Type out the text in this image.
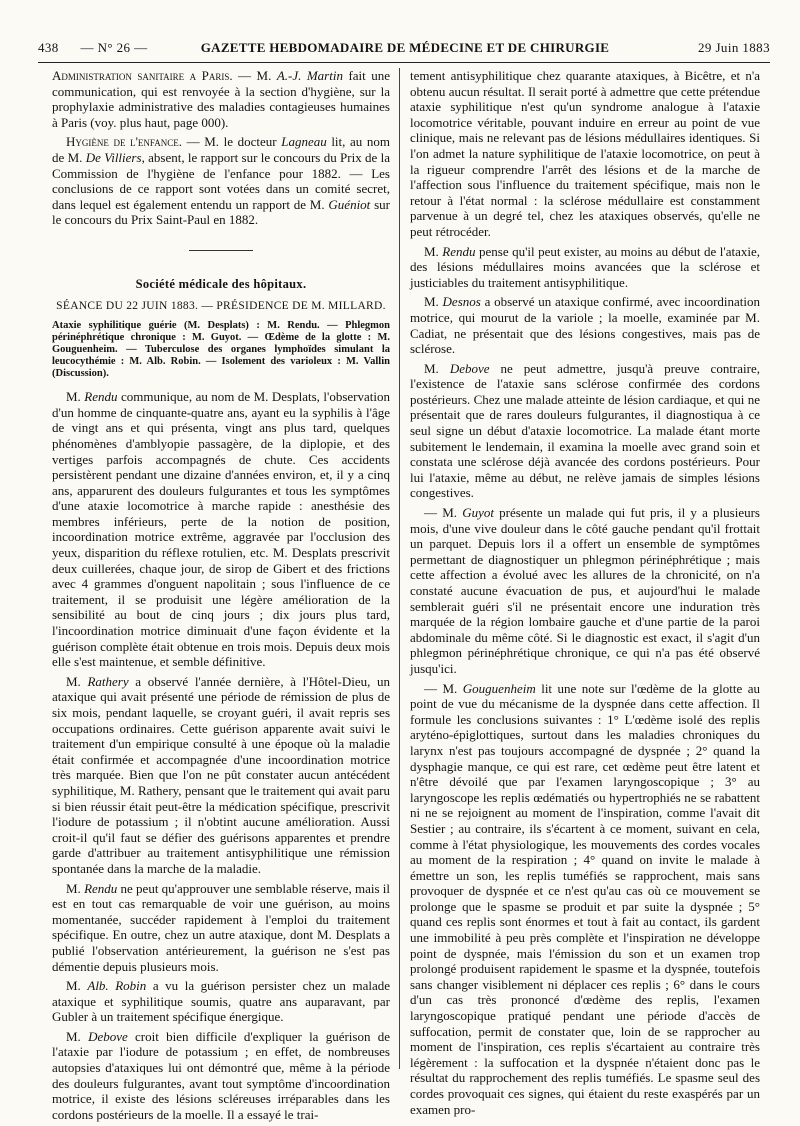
438	— N° 26 —	GAZETTE HEBDOMADAIRE DE MÉDECINE ET DE CHIRURGIE	29 Juin 1883

Administration sanitaire a Paris. — M. A.-J. Martin fait une communication, qui est renvoyée à la section d'hygiène, sur la prophylaxie administrative des maladies contagieuses humaines à Paris (voy. plus haut, page 000).

Hygiène de l'enfance. — M. le docteur Lagneau lit, au nom de M. De Villiers, absent, le rapport sur le concours du Prix de la Commission de l'hygiène de l'enfance pour 1882. — Les conclusions de ce rapport sont votées dans un comité secret, dans lequel est également entendu un rapport de M. Guéniot sur le concours du Prix Saint-Paul en 1882.

Société médicale des hôpitaux.
SÉANCE DU 22 JUIN 1883. — PRÉSIDENCE DE M. MILLARD.

Ataxie syphilitique guérie (M. Desplats) : M. Rendu. — Phlegmon périnéphrétique chronique : M. Guyot. — Œdème de la glotte : M. Gouguenheim. — Tuberculose des organes lymphoïdes simulant la leucocythémie : M. Alb. Robin. — Isolement des varioleux : M. Vallin (Discussion).

M. Rendu communique, au nom de M. Desplats, l'observation d'un homme de cinquante-quatre ans, ayant eu la syphilis à l'âge de vingt ans et qui présenta, vingt ans plus tard, quelques phénomènes d'amblyopie passagère, de la diplopie, et des vertiges parfois accompagnés de chute. Ces accidents persistèrent pendant une dizaine d'années environ, et, il y a cinq ans, apparurent des douleurs fulgurantes et tous les symptômes d'une ataxie locomotrice à marche rapide : anesthésie des membres inférieurs, perte de la notion de position, incoordination motrice extrême, aggravée par l'occlusion des yeux, disparition du réflexe rotulien, etc. M. Desplats prescrivit deux cuillerées, chaque jour, de sirop de Gibert et des frictions avec 4 grammes d'onguent napolitain ; sous l'influence de ce traitement, il se produisit une légère amélioration de la sensibilité au bout de cinq jours ; dix jours plus tard, l'incoordination motrice diminuait d'une façon évidente et la guérison complète était obtenue en trois mois. Depuis deux mois elle s'est maintenue, et semble définitive.

M. Rathery a observé l'année dernière, à l'Hôtel-Dieu, un ataxique qui avait présenté une période de rémission de plus de six mois, pendant laquelle, se croyant guéri, il avait repris ses occupations ordinaires. Cette guérison apparente avait suivi le traitement d'un empirique consulté à une époque où la maladie était confirmée et accompagnée d'une incoordination motrice très marquée. Bien que l'on ne pût constater aucun antécédent syphilitique, M. Rathery, pensant que le traitement qui avait paru si bien réussir était peut-être la médication spécifique, prescrivit l'iodure de potassium ; il n'obtint aucune amélioration. Aussi croit-il qu'il faut se défier des guérisons apparentes et prendre garde d'attribuer au traitement antisyphilitique une rémission spontanée dans la marche de la maladie.

M. Rendu ne peut qu'approuver une semblable réserve, mais il est en tout cas remarquable de voir une guérison, au moins momentanée, succéder rapidement à l'emploi du traitement spécifique. En outre, chez un autre ataxique, dont M. Desplats a publié l'observation antérieurement, la guérison ne s'est pas démentie depuis plusieurs mois.

M. Alb. Robin a vu la guérison persister chez un malade ataxique et syphilitique soumis, quatre ans auparavant, par Gubler à un traitement spécifique énergique.

M. Debove croit bien difficile d'expliquer la guérison de l'ataxie par l'iodure de potassium ; en effet, de nombreuses autopsies d'ataxiques lui ont démontré que, même à la période des douleurs fulgurantes, avant tout symptôme d'incoordination motrice, il existe des lésions scléreuses irréparables dans les cordons postérieurs de la moelle. Il a essayé le trai-

tement antisyphilitique chez quarante ataxiques, à Bicêtre, et n'a obtenu aucun résultat. Il serait porté à admettre que cette prétendue ataxie syphilitique n'est qu'un syndrome analogue à l'ataxie locomotrice véritable, pouvant induire en erreur au point de vue clinique, mais ne relevant pas de lésions médullaires identiques. Si l'on admet la nature syphilitique de l'ataxie locomotrice, on peut à la rigueur comprendre l'arrêt des lésions et de la marche de l'affection sous l'influence du traitement spécifique, mais non le retour à l'état normal : la sclérose médullaire est constamment parvenue à un degré tel, chez les ataxiques observés, qu'elle ne peut rétrocéder.

M. Rendu pense qu'il peut exister, au moins au début de l'ataxie, des lésions médullaires moins avancées que la sclérose et justiciables du traitement antisyphilitique.

M. Desnos a observé un ataxique confirmé, avec incoordination motrice, qui mourut de la variole ; la moelle, examinée par M. Cadiat, ne présentait que des lésions congestives, mais pas de sclérose.

M. Debove ne peut admettre, jusqu'à preuve contraire, l'existence de l'ataxie sans sclérose confirmée des cordons postérieurs. Chez une malade atteinte de lésion cardiaque, et qui ne présentait que de rares douleurs fulgurantes, il diagnostiqua à ce seul signe un début d'ataxie locomotrice. La malade étant morte subitement le lendemain, il examina la moelle avec grand soin et constata une sclérose déjà avancée des cordons postérieurs. Pour lui l'ataxie, même au début, ne relève jamais de simples lésions congestives.

— M. Guyot présente un malade qui fut pris, il y a plusieurs mois, d'une vive douleur dans le côté gauche pendant qu'il frottait un parquet. Depuis lors il a offert un ensemble de symptômes permettant de diagnostiquer un phlegmon périnéphrétique ; mais cette affection a évolué avec les allures de la chronicité, on n'a constaté aucune évacuation de pus, et aujourd'hui le malade semblerait guéri s'il ne présentait encore une induration très marquée de la région lombaire gauche et d'une partie de la paroi abdominale du même côté. Si le diagnostic est exact, il s'agit d'un phlegmon périnéphrétique chronique, ce qui n'a pas été observé jusqu'ici.

— M. Gouguenheim lit une note sur l'œdème de la glotte au point de vue du mécanisme de la dyspnée dans cette affection. Il formule les conclusions suivantes : 1° L'œdème isolé des replis aryténo-épiglottiques, surtout dans les maladies chroniques du larynx n'est pas toujours accompagné de dyspnée ; 2° quand la dysphagie manque, ce qui est rare, cet œdème peut être latent et n'être dévoilé que par l'examen laryngoscopique ; 3° au laryngoscope les replis œdématiés ou hypertrophiés ne se rabattent ni ne se rejoignent au moment de l'inspiration, comme l'avait dit Sestier ; au contraire, ils s'écartent à ce moment, suivant en cela, comme à l'état physiologique, les mouvements des cordes vocales au moment de la respiration ; 4° quand on invite le malade à émettre un son, les replis tuméfiés se rapprochent, mais sans provoquer de dyspnée et ce n'est qu'au cas où ce mouvement se prolonge que le spasme se produit et par suite la dyspnée ; 5° quand ces replis sont énormes et tout à fait au contact, ils gardent une immobilité à peu près complète et l'inspiration ne développe point de dyspnée, mais l'émission du son et un examen trop prolongé produisent rapidement le spasme et la dyspnée, toutefois sans changer visiblement ni déplacer ces replis ; 6° dans le cours d'un cas très prononcé d'œdème des replis, l'examen laryngoscopique pratiqué pendant une période d'accès de suffocation, permit de constater que, loin de se rapprocher au moment de l'inspiration, ces replis s'écartaient au contraire très légèrement : la suffocation et la dyspnée n'étaient donc pas le résultat du rapprochement des replis tuméfiés. Le spasme seul des cordes provoquait ces signes, qui étaient du reste exaspérés par un examen pro-
